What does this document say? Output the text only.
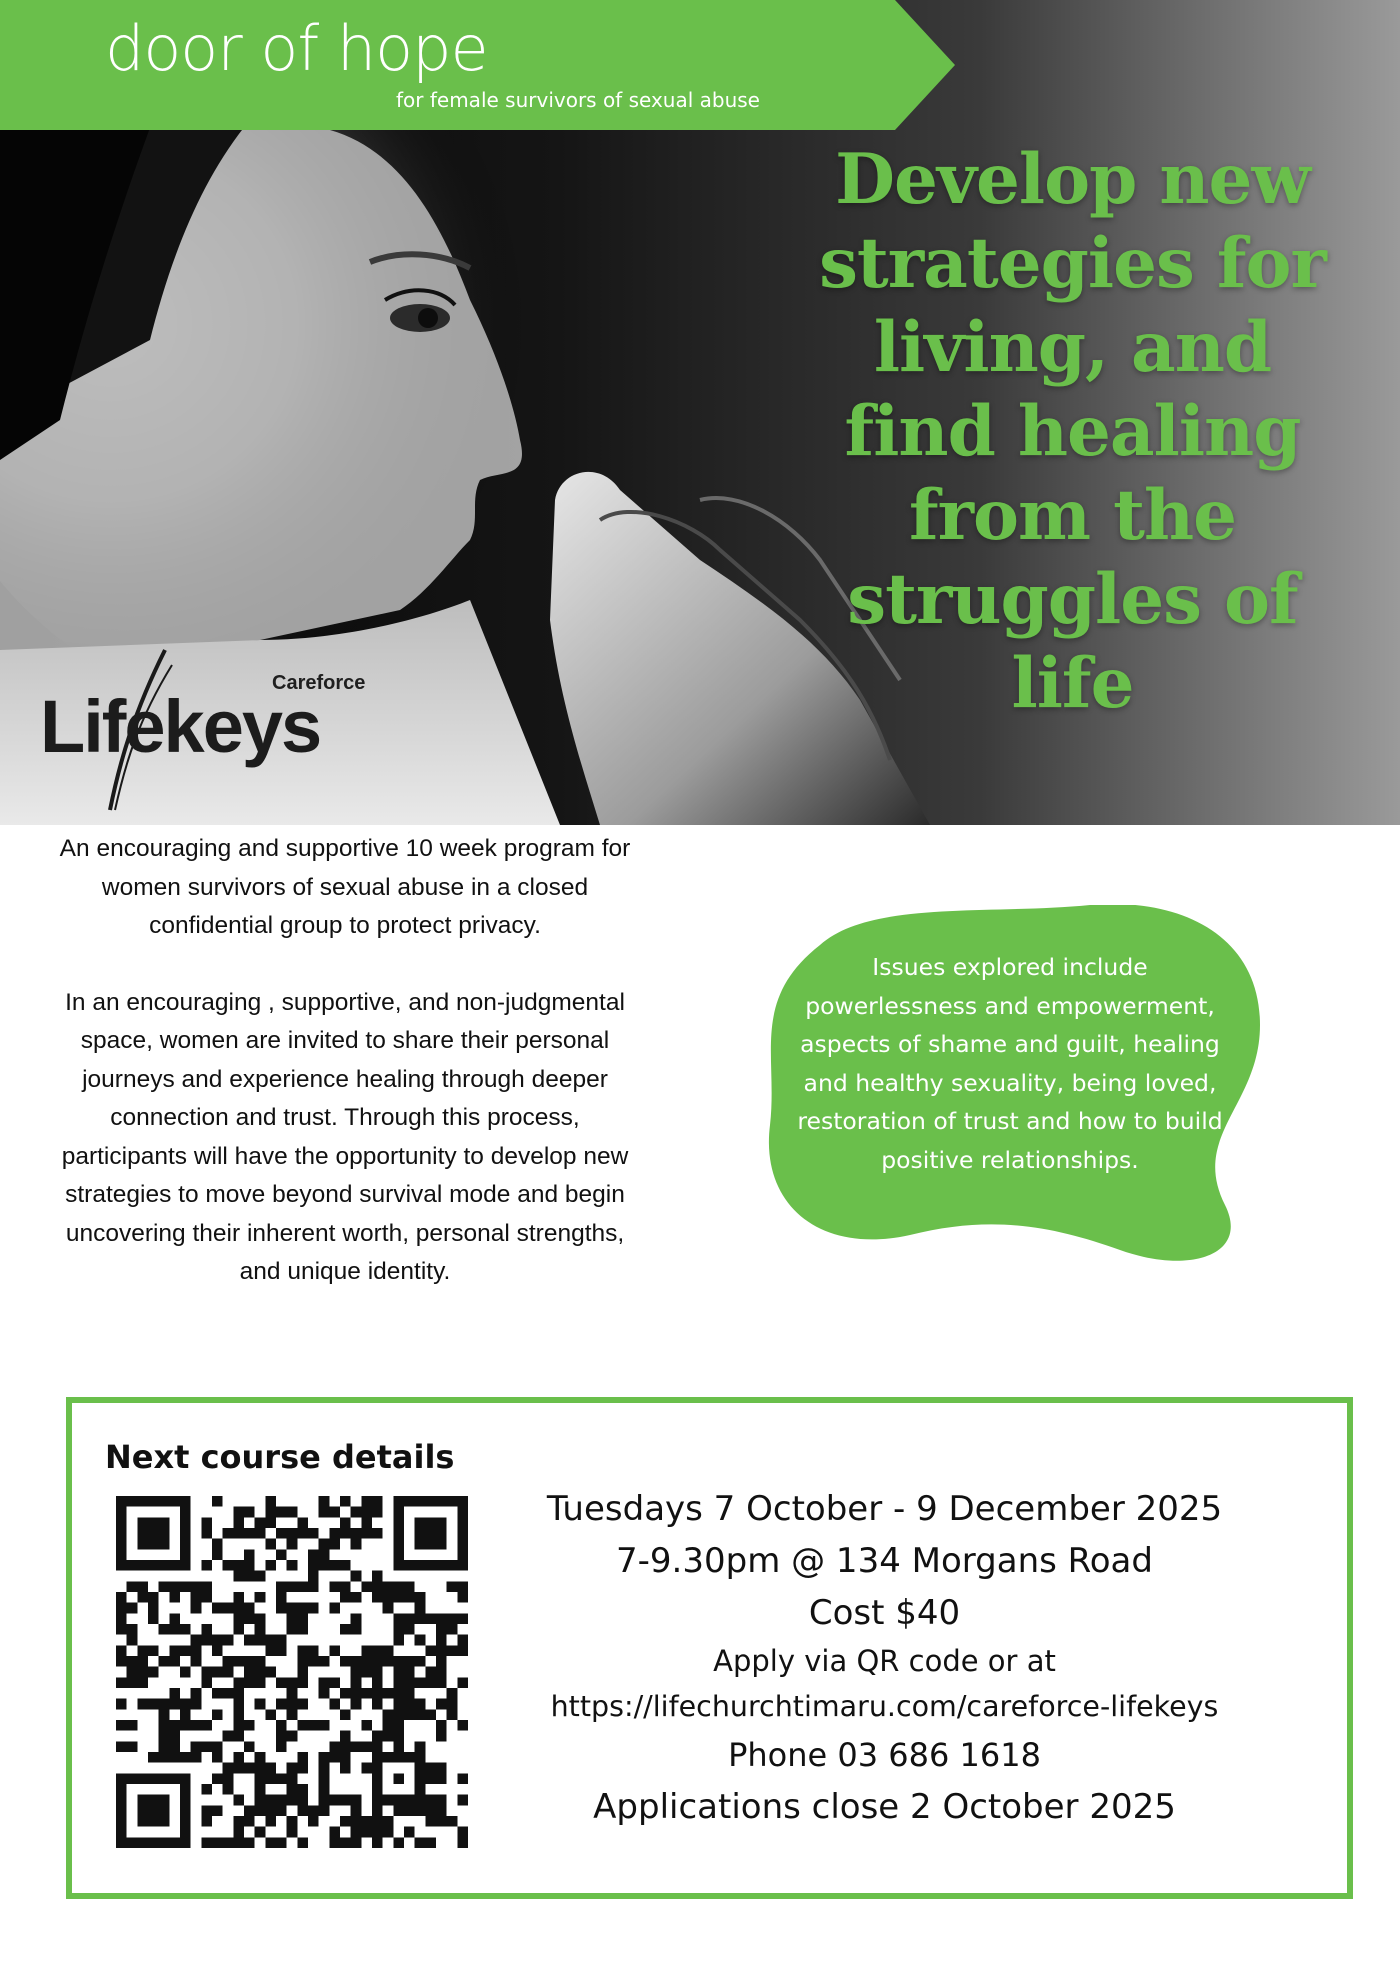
door of hope
for female survivors of sexual abuse
Develop new strategies for living, and find healing from the struggles of life
Careforce
Lifekeys

An encouraging and supportive 10 week program for women survivors of sexual abuse in a closed confidential group to protect privacy.

In an encouraging , supportive, and non-judgmental space, women are invited to share their personal journeys and experience healing through deeper connection and trust. Through this process, participants will have the opportunity to develop new strategies to move beyond survival mode and begin uncovering their inherent worth, personal strengths, and unique identity.

Issues explored include powerlessness and empowerment, aspects of shame and guilt, healing and healthy sexuality, being loved, restoration of trust and how to build positive relationships.
Next course details
Tuesdays 7 October - 9 December 2025
7-9.30pm @ 134 Morgans Road
Cost $40
Apply via QR code or at
https://lifechurchtimaru.com/careforce-lifekeys
Phone 03 686 1618
Applications close 2 October 2025
